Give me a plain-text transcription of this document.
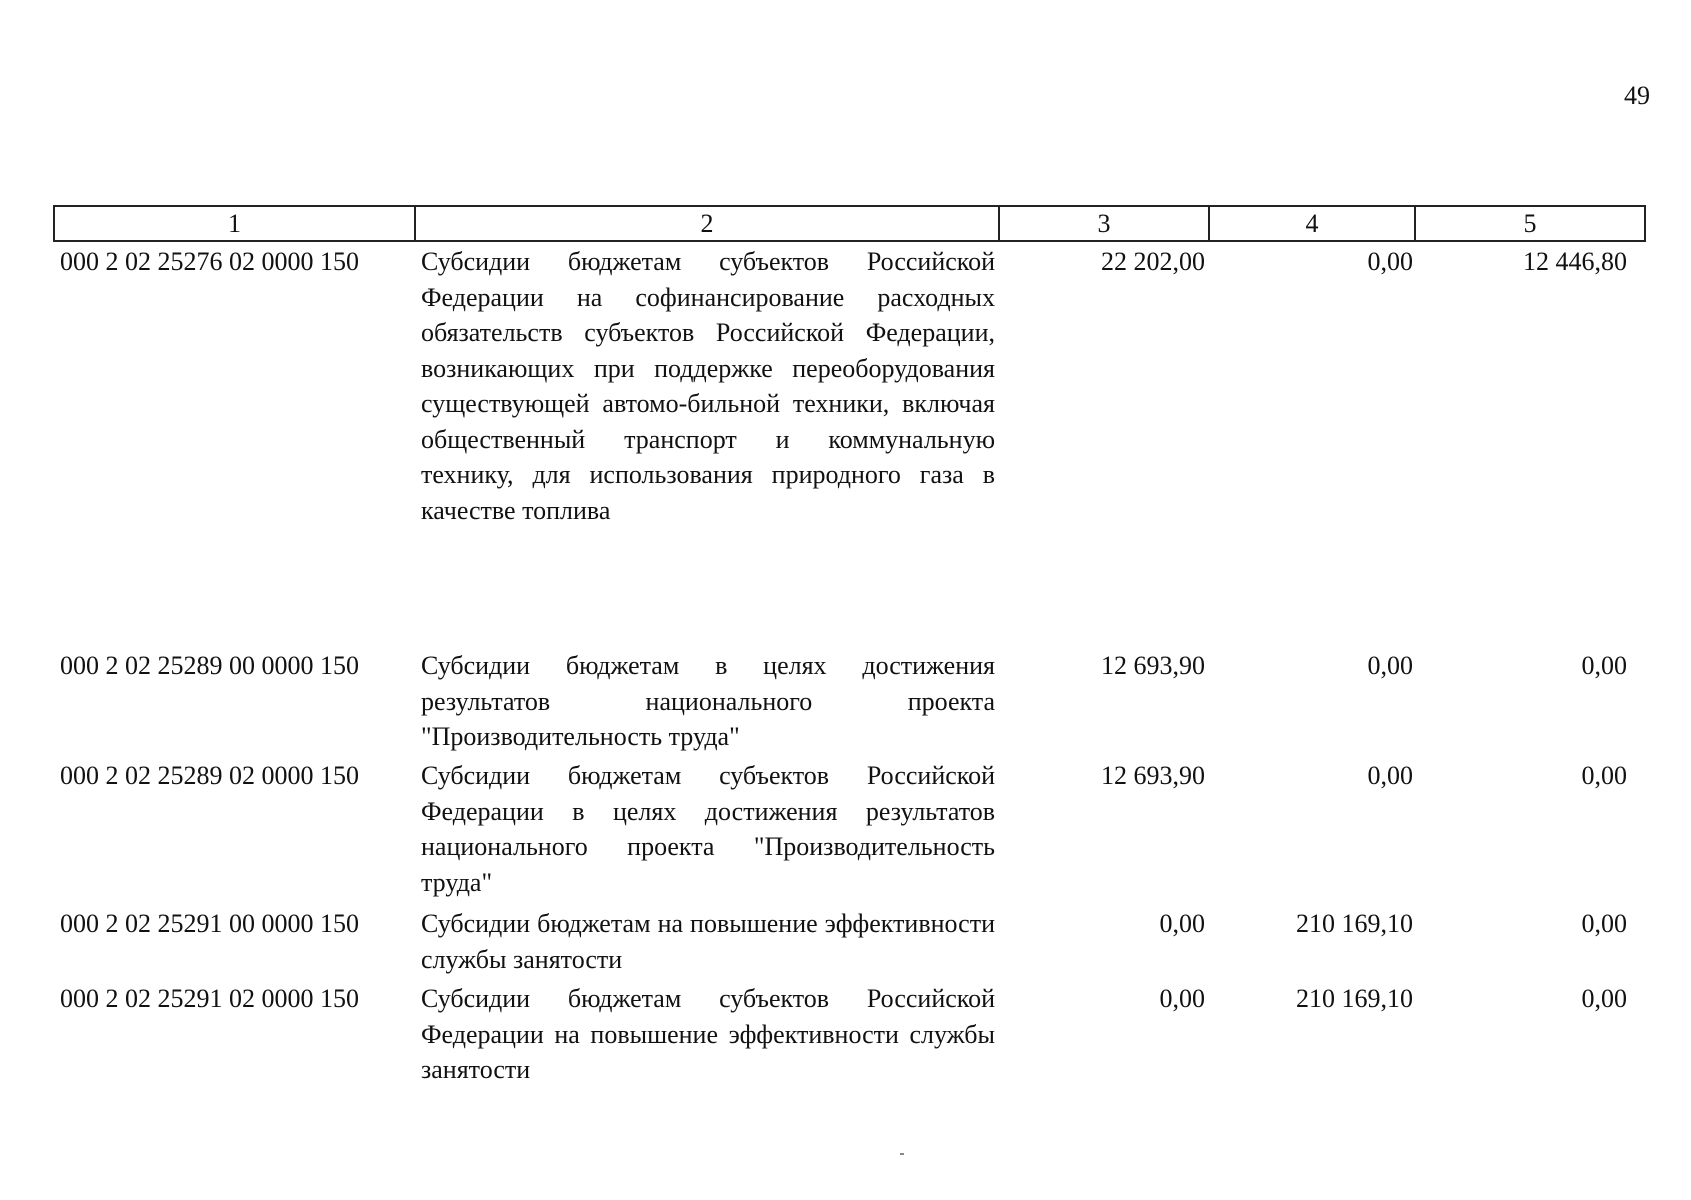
49
1	2	3	4	5
000 2 02 25276 02 0000 150	Субсидии бюджетам субъектов Российской Федерации на софинансирование расходных обязательств субъектов Российской Федерации, возникающих при поддержке переоборудования существующей автомо-бильной техники, включая общественный транспорт и коммунальную технику, для использования природного газа в качестве топлива	22 202,00	0,00	12 446,80
000 2 02 25289 00 0000 150	Субсидии бюджетам в целях достижения результатов национального проекта "Производительность труда"	12 693,90	0,00	0,00
000 2 02 25289 02 0000 150	Субсидии бюджетам субъектов Российской Федерации в целях достижения результатов национального проекта "Производительность труда"	12 693,90	0,00	0,00
000 2 02 25291 00 0000 150	Субсидии бюджетам на повышение эффективности службы занятости	0,00	210 169,10	0,00
000 2 02 25291 02 0000 150	Субсидии бюджетам субъектов Российской Федерации на повышение эффективности службы занятости	0,00	210 169,10	0,00
